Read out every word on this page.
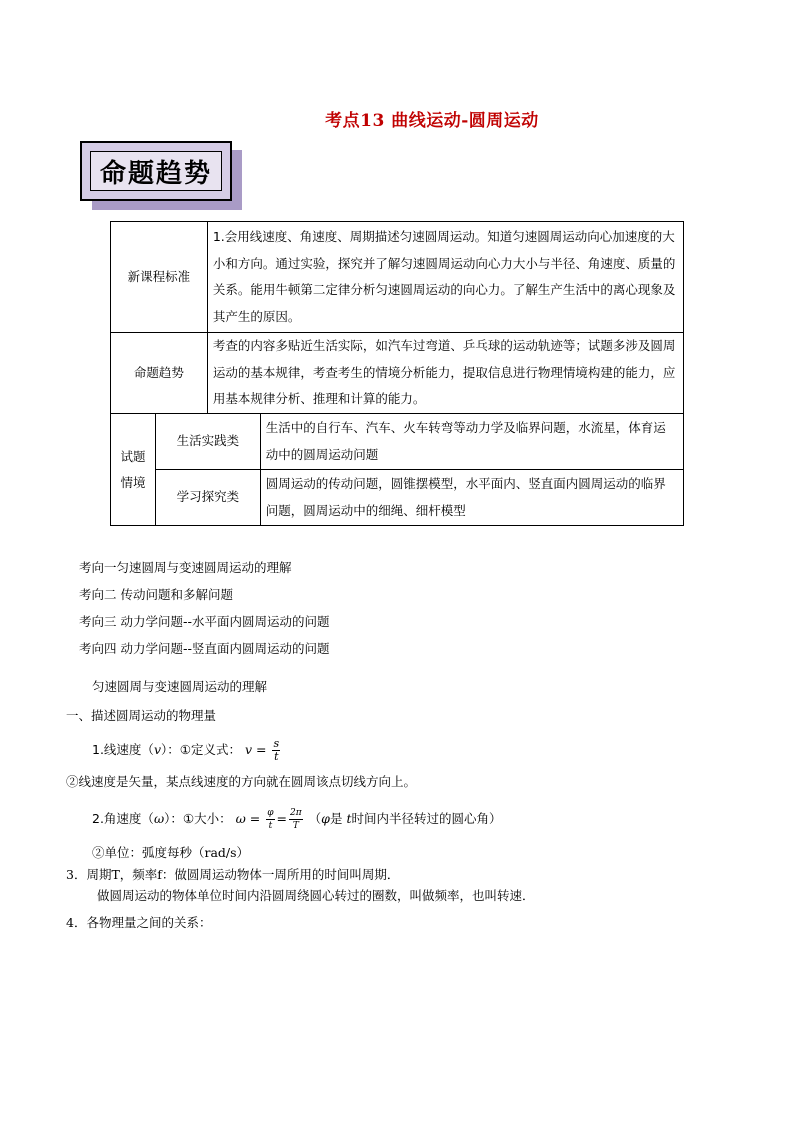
考点13 曲线运动-圆周运动
命题趋势
新课程标准		1.会用线速度、角速度、周期描述匀速圆周运动。知道匀速圆周运动向心加速度的大小和方向。通过实验，探究并了解匀速圆周运动向心力大小与半径、角速度、质量的关系。能用牛顿第二定律分析匀速圆周运动的向心力。了解生产生活中的离心现象及其产生的原因。	
命题趋势		考查的内容多贴近生活实际，如汽车过弯道、乒乓球的运动轨迹等；试题多涉及圆周运动的基本规律，考查考生的情境分析能力，提取信息进行物理情境构建的能力，应用基本规律分析、推理和计算的能力。	
试题
情境	生活实践类		生活中的自行车、汽车、火车转弯等动力学及临界问题，水流星，体育运动中的圆周运动问题
	学习探究类		圆周运动的传动问题，圆锥摆模型，水平面内、竖直面内圆周运动的临界问题，圆周运动中的细绳、细杆模型
考向一匀速圆周与变速圆周运动的理解
考向二 传动问题和多解问题
考向三 动力学问题--水平面内圆周运动的问题
考向四 动力学问题--竖直面内圆周运动的问题
匀速圆周与变速圆周运动的理解
一、描述圆周运动的物理量
1.线速度（v）：①定义式： $v = \frac{s}{t}$
②线速度是矢量，某点线速度的方向就在圆周该点切线方向上。
2.角速度（ω）：①大小： $\omega = \frac{\varphi}{t} = \frac{2\pi}{T} (\varphi$是 t时间内半径转过的圆心角）
②单位：弧度每秒（rad/s）
3．周期T，频率f：做圆周运动物体一周所用的时间叫周期．
做圆周运动的物体单位时间内沿圆周绕圆心转过的圈数，叫做频率，也叫转速．
4．各物理量之间的关系：
